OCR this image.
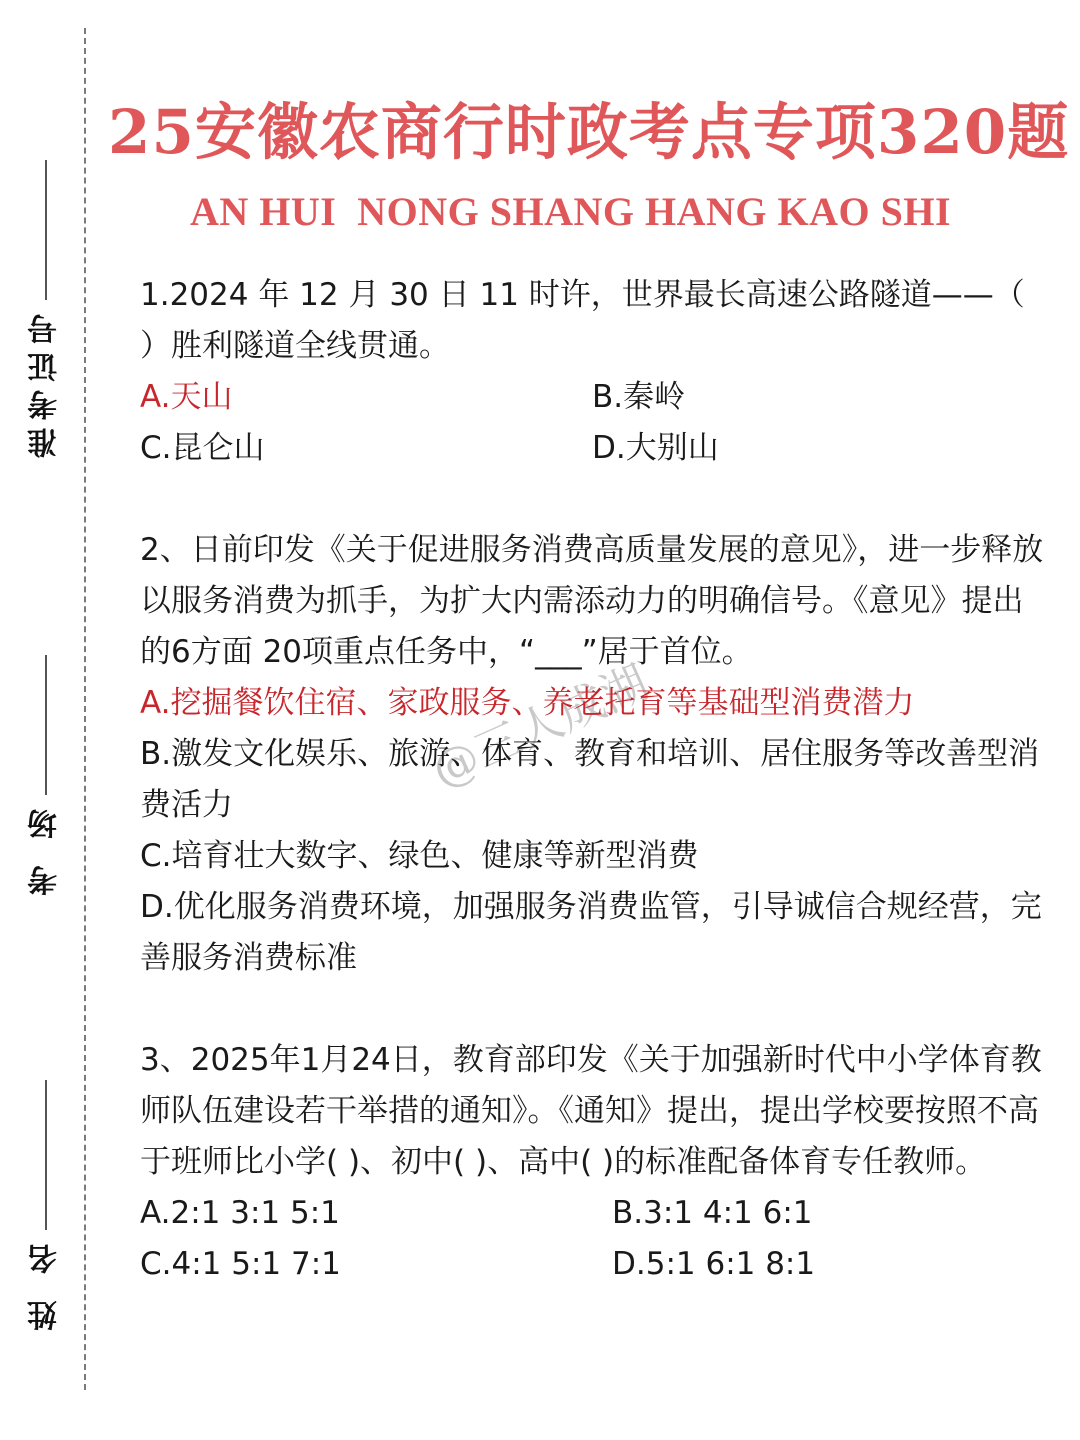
准考证号
考 场
姓 名
25安徽农商行时政考点专项320题
AN HUI  NONG SHANG HANG KAO SHI
@三人成湖

1.2024 年 12 月 30 日 11 时许，世界最长高速公路隧道——（ ）胜利隧道全线贯通。

A.天山	B.秦岭

C.昆仑山	D.大别山

2、日前印发《关于促进服务消费高质量发展的意见》，进一步释放以服务消费为抓手，为扩大内需添动力的明确信号。《意见》提出的6方面 20项重点任务中，“___”居于首位。

A.挖掘餐饮住宿、家政服务、养老托育等基础型消费潜力

B.激发文化娱乐、旅游、体育、教育和培训、居住服务等改善型消费活力

C.培育壮大数字、绿色、健康等新型消费

D.优化服务消费环境，加强服务消费监管，引导诚信合规经营，完善服务消费标准

3、2025年1月24日，教育部印发《关于加强新时代中小学体育教师队伍建设若干举措的通知》。《通知》提出，提出学校要按照不高于班师比小学( )、初中( )、高中( )的标准配备体育专任教师。

A.2:1 3:1 5:1	B.3:1 4:1 6:1

C.4:1 5:1 7:1	D.5:1 6:1 8:1
